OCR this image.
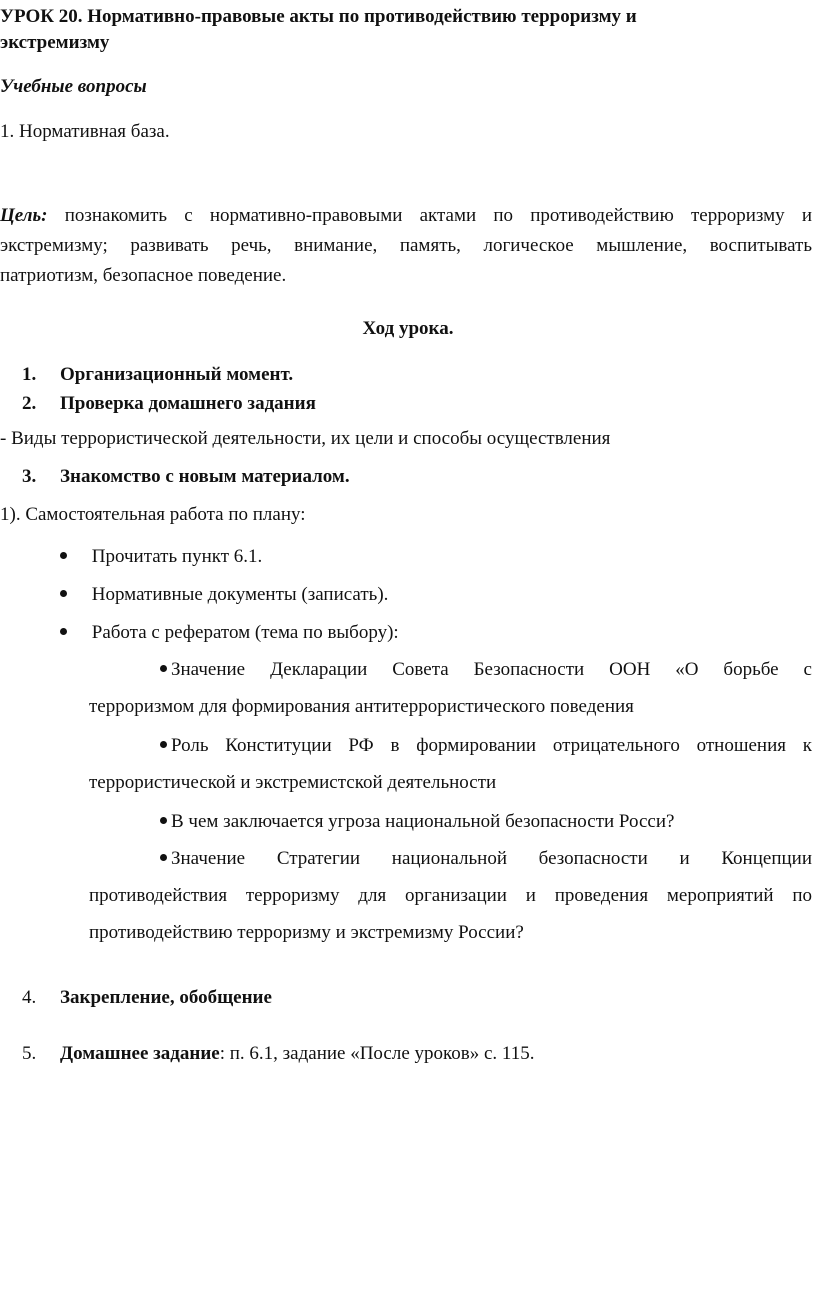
УРОК 20. Нормативно-правовые акты по противодействию терроризму и
экстремизму
Учебные вопросы
1. Нормативная база.
Цель: познакомить с нормативно-правовыми актами по противодействию терроризму и
экстремизму; развивать речь, внимание, память, логическое мышление, воспитывать
патриотизм, безопасное поведение.
Ход урока.
1. Организационный момент.
2. Проверка домашнего задания
- Виды террористической деятельности, их цели и способы осуществления
3. Знакомство с новым материалом.
1). Самостоятельная работа по плану:
Прочитать пункт 6.1.
Нормативные документы (записать).
Работа с рефератом (тема по выбору):
Значение Декларации Совета Безопасности ООН «О борьбе с
терроризмом для формирования антитеррористического поведения
Роль Конституции РФ в формировании отрицательного отношения к
террористической и экстремистской деятельности
В чем заключается угроза национальной безопасности Росси?
Значение Стратегии национальной безопасности и Концепции
противодействия терроризму для организации и проведения мероприятий по
противодействию терроризму и экстремизму России?
4. Закрепление, обобщение
5. Домашнее задание: п. 6.1, задание «После уроков» с. 115.
